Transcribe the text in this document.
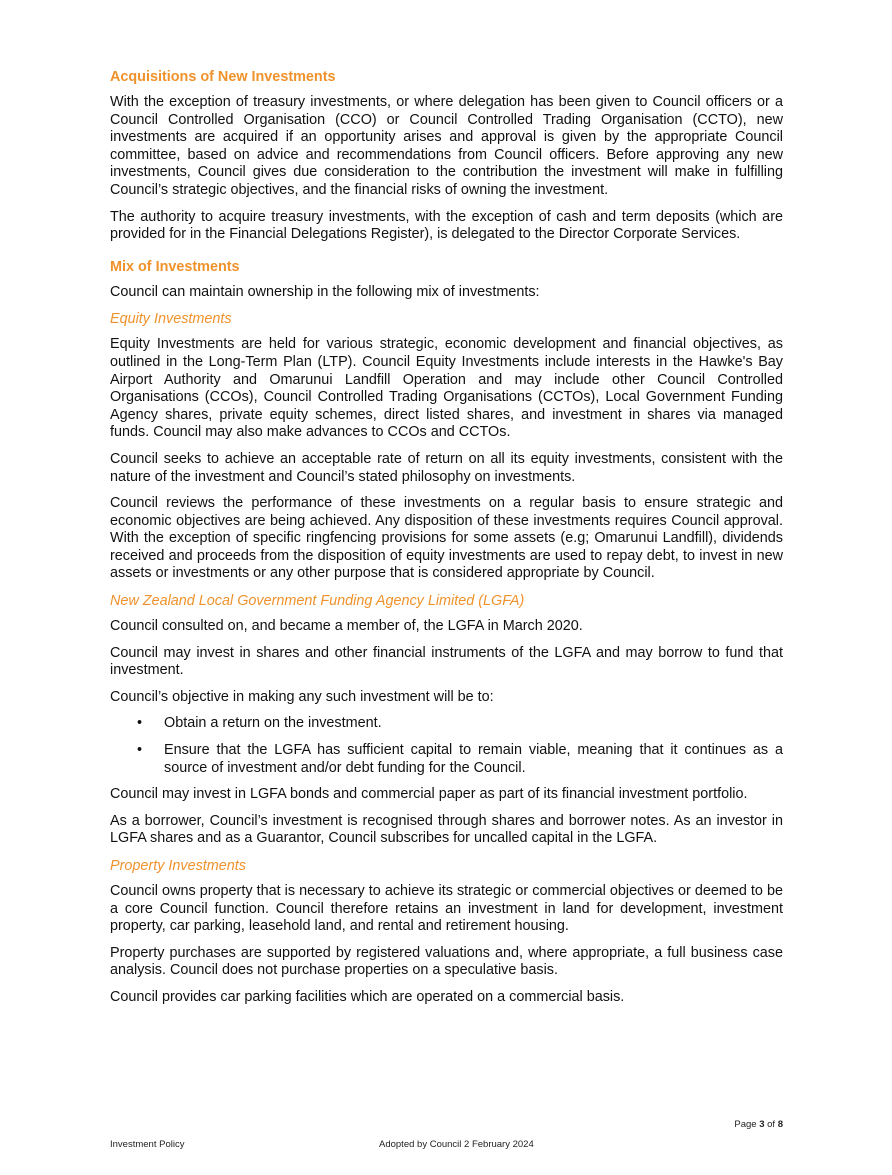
Acquisitions of New Investments

With the exception of treasury investments, or where delegation has been given to Council officers or a Council Controlled Organisation (CCO) or Council Controlled Trading Organisation (CCTO), new investments are acquired if an opportunity arises and approval is given by the appropriate Council committee, based on advice and recommendations from Council officers. Before approving any new investments, Council gives due consideration to the contribution the investment will make in fulfilling Council’s strategic objectives, and the financial risks of owning the investment.

The authority to acquire treasury investments, with the exception of cash and term deposits (which are provided for in the Financial Delegations Register), is delegated to the Director Corporate Services.

Mix of Investments

Council can maintain ownership in the following mix of investments:

Equity Investments

Equity Investments are held for various strategic, economic development and financial objectives, as outlined in the Long-Term Plan (LTP). Council Equity Investments include interests in the Hawke's Bay Airport Authority and Omarunui Landfill Operation and may include other Council Controlled Organisations (CCOs), Council Controlled Trading Organisations (CCTOs), Local Government Funding Agency shares, private equity schemes, direct listed shares, and investment in shares via managed funds. Council may also make advances to CCOs and CCTOs.

Council seeks to achieve an acceptable rate of return on all its equity investments, consistent with the nature of the investment and Council’s stated philosophy on investments.

Council reviews the performance of these investments on a regular basis to ensure strategic and economic objectives are being achieved. Any disposition of these investments requires Council approval. With the exception of specific ringfencing provisions for some assets (e.g; Omarunui Landfill), dividends received and proceeds from the disposition of equity investments are used to repay debt, to invest in new assets or investments or any other purpose that is considered appropriate by Council.

New Zealand Local Government Funding Agency Limited (LGFA)

Council consulted on, and became a member of, the LGFA in March 2020.

Council may invest in shares and other financial instruments of the LGFA and may borrow to fund that investment.

Council’s objective in making any such investment will be to:

• Obtain a return on the investment.
• Ensure that the LGFA has sufficient capital to remain viable, meaning that it continues as a source of investment and/or debt funding for the Council.

Council may invest in LGFA bonds and commercial paper as part of its financial investment portfolio.

As a borrower, Council’s investment is recognised through shares and borrower notes. As an investor in LGFA shares and as a Guarantor, Council subscribes for uncalled capital in the LGFA.

Property Investments

Council owns property that is necessary to achieve its strategic or commercial objectives or deemed to be a core Council function. Council therefore retains an investment in land for development, investment property, car parking, leasehold land, and rental and retirement housing.

Property purchases are supported by registered valuations and, where appropriate, a full business case analysis. Council does not purchase properties on a speculative basis.

Council provides car parking facilities which are operated on a commercial basis.

Page 3 of 8
Investment Policy	Adopted by Council 2 February 2024
